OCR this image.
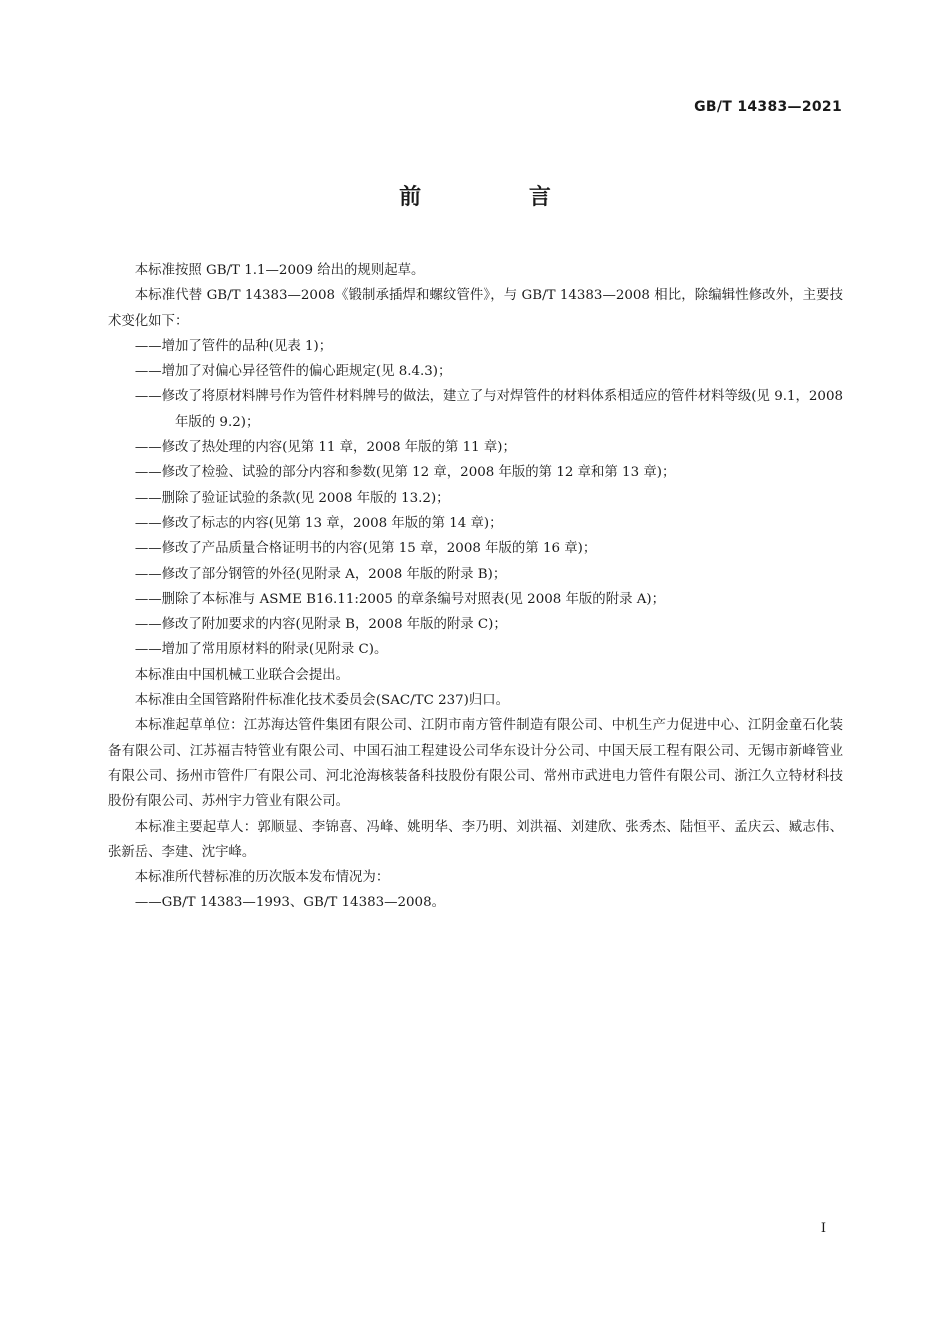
GB/T 14383—2021
前 言

本标准按照 GB/T 1.1—2009 给出的规则起草。

本标准代替 GB/T 14383—2008《锻制承插焊和螺纹管件》，与 GB/T 14383—2008 相比，除编辑性修改外，主要技术变化如下：

——增加了管件的品种(见表 1)；

——增加了对偏心异径管件的偏心距规定(见 8.4.3)；

——修改了将原材料牌号作为管件材料牌号的做法，建立了与对焊管件的材料体系相适应的管件材料等级(见 9.1，2008 年版的 9.2)；

——修改了热处理的内容(见第 11 章，2008 年版的第 11 章)；

——修改了检验、试验的部分内容和参数(见第 12 章，2008 年版的第 12 章和第 13 章)；

——删除了验证试验的条款(见 2008 年版的 13.2)；

——修改了标志的内容(见第 13 章，2008 年版的第 14 章)；

——修改了产品质量合格证明书的内容(见第 15 章，2008 年版的第 16 章)；

——修改了部分钢管的外径(见附录 A，2008 年版的附录 B)；

——删除了本标准与 ASME B16.11:2005 的章条编号对照表(见 2008 年版的附录 A)；

——修改了附加要求的内容(见附录 B，2008 年版的附录 C)；

——增加了常用原材料的附录(见附录 C)。

本标准由中国机械工业联合会提出。

本标准由全国管路附件标准化技术委员会(SAC/TC 237)归口。

本标准起草单位：江苏海达管件集团有限公司、江阴市南方管件制造有限公司、中机生产力促进中心、江阴金童石化装备有限公司、江苏福吉特管业有限公司、中国石油工程建设公司华东设计分公司、中国天辰工程有限公司、无锡市新峰管业有限公司、扬州市管件厂有限公司、河北沧海核装备科技股份有限公司、常州市武进电力管件有限公司、浙江久立特材科技股份有限公司、苏州宇力管业有限公司。

本标准主要起草人：郭顺显、李锦喜、冯峰、姚明华、李乃明、刘洪福、刘建欣、张秀杰、陆恒平、孟庆云、臧志伟、张新岳、李建、沈宇峰。

本标准所代替标准的历次版本发布情况为：

——GB/T 14383—1993、GB/T 14383—2008。

I
